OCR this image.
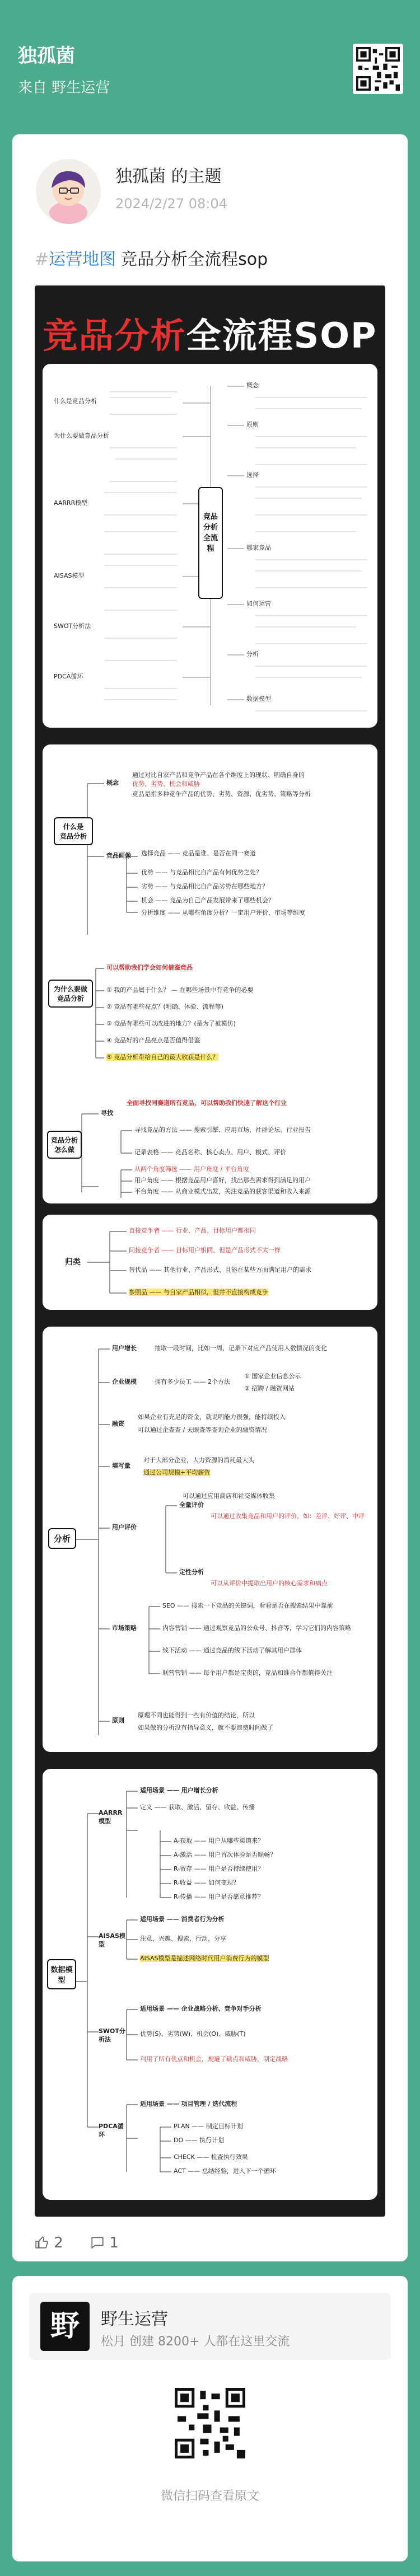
独孤菌
来自 野生运营
独孤菌 的主题
2024/2/27 08:04
#运营地图 竞品分析全流程sop
竞品分析全流程SOP
竞品分析全流程
什么是竞品分析
为什么要做竞品分析
AARRR模型
AISAS模型
SWOT分析法
PDCA循环
概念
原则
选择
哪家竞品
如何运营
分析
数据模型
什么是
竞品分析
概念
通过对比自家产品和竞争产品在各个维度上的现状、明确自身的
优势、劣势、机会和威胁
竞品是指多种竞争产品的优势、劣势、资源、优劣势、策略等分析
竞品画像 选择竞品 —— 竞品是谁、是否在同一赛道
优势 —— 与竞品相比自产品有何优势之处？
劣势 —— 与竞品相比自产品劣势在哪些地方？
机会 —— 竞品为自己产品发展带来了哪些机会？
分析维度 —— 从哪些角度分析？一定用户评价，市场等维度
为什么要做
竞品分析
可以帮助我们学会如何借鉴竞品
① 我的产品属于什么？ — 在哪些场景中有竞争的必要
② 竞品有哪些亮点？(明确、体验、流程等)
③ 竞品有哪些可以改进的地方？(是为了被模仿)
④ 竞品好的产品亮点是否值得借鉴
⑤ 竞品分析带给自己的最大收获是什么？
竞品分析
怎么做
寻找
全面寻找同赛道所有竞品，可以帮助我们快速了解这个行业
寻找竞品的方法 —— 搜索引擎、应用市场、社群论坛、行业报告
记录表格 —— 竞品名称、核心卖点、用户、模式、评价
从两个角度筛选 —— 用户角度 / 平台角度
用户角度 —— 根据竞品用户喜好，找出那些需求得到满足的用户
平台角度 —— 从商业模式出发，关注竞品的获客渠道和收入来源
归类
直接竞争者 —— 行业、产品、目标用户都相同
间接竞争者 —— 目标用户相同、但是产品形式不太一样
替代品 —— 其他行业、产品形式、且能在某些方面满足用户的需求
参照品 —— 与自家产品相似，但并不直接构成竞争
分析
用户增长	抽取一段时间，比如一周、记录下对应产品使用人数情况的变化
企业规模	拥有多少员工 —— 2个方法
① 国家企业信息公示
② 招聘 / 融资网站
融资
如果企业有充足的资金，就说明能力很强，能持续投入
可以通过企查查 / 天眼查等查询企业的融资情况
填写量
对于大部分企业，人力资源的消耗最大头
通过公司规模+平均薪资
用户评价
可以通过应用商店和社交媒体收集
全量评价
可以通过收集竞品和用户的评价，如：差评、好评、中评
定性分析
可以从评价中提取出用户的核心需求和痛点
市场策略
SEO —— 搜索一下竞品的关键词，看看是否在搜索结果中靠前
内容营销 —— 通过观察竞品的公众号、抖音等，学习它们的内容策略
线下活动 —— 通过竞品的线下活动了解其用户群体
联营营销 —— 每个用户都是宝贵的，竞品和谁合作都值得关注
原则
原理不同也能得到一些有价值的结论，所以
如果做的分析没有指导意义，就不要浪费时间做了
数据模型
AARRR模型
适用场景 —— 用户增长分析
定义 —— 获取、激活、留存、收益、传播
A-获取 —— 用户从哪些渠道来？
A-激活 —— 用户首次体验是否顺畅？
R-留存 —— 用户是否持续使用？
R-收益 —— 如何变现？
R-传播 —— 用户是否愿意推荐？
AISAS模型
适用场景 —— 消费者行为分析
注意、兴趣、搜索、行动、分享
AISAS模型是描述网络时代用户消费行为的模型
SWOT分析法
适用场景 —— 企业战略分析、竞争对手分析
优势(S)、劣势(W)、机会(O)、威胁(T)
利用了所有优点和机会，规避了缺点和威胁，制定战略
PDCA循环
适用场景 —— 项目管理 / 迭代流程
PLAN —— 制定目标计划
DO —— 执行计划
CHECK —— 检查执行效果
ACT —— 总结经验，进入下一个循环
2	1
野	野生运营
松月 创建 8200+ 人都在这里交流
微信扫码查看原文
